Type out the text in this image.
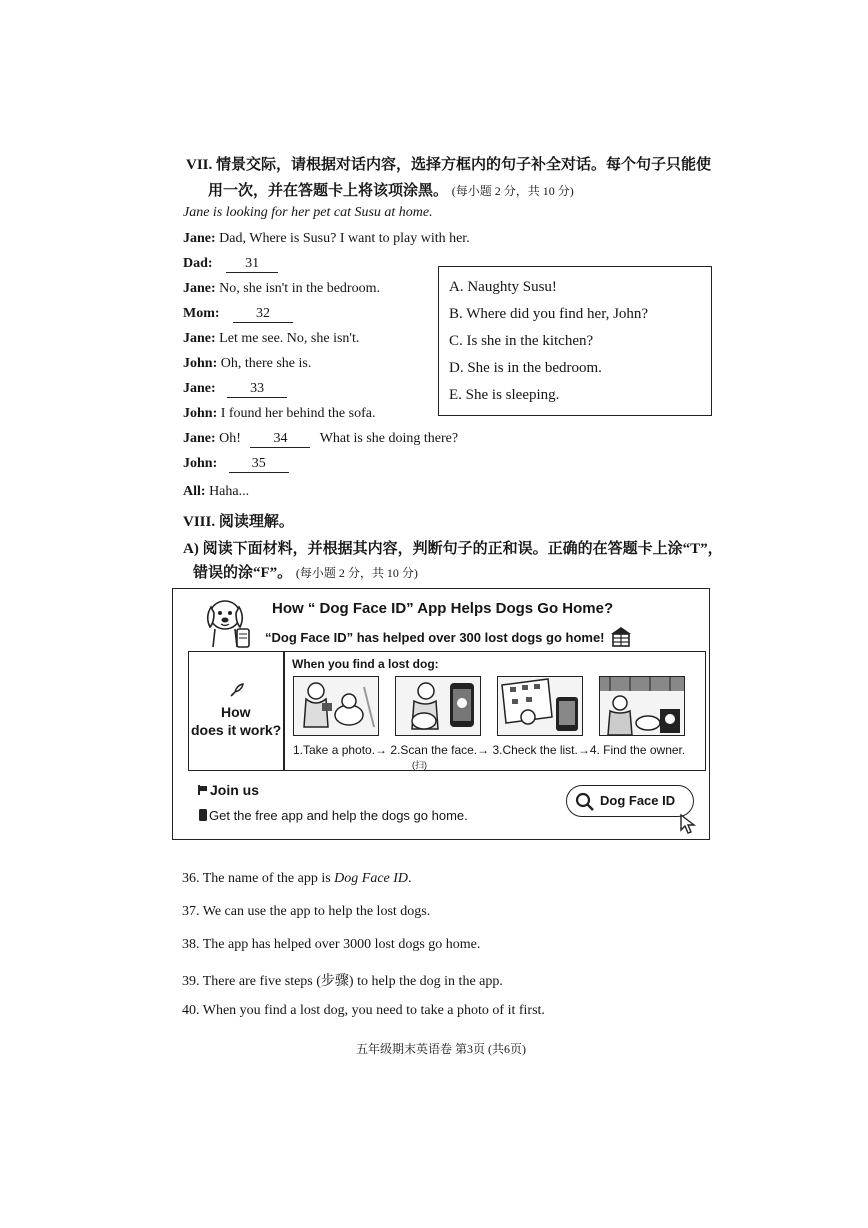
VII. 情景交际，请根据对话内容，选择方框内的句子补全对话。每个句子只能使
用一次，并在答题卡上将该项涂黑。 (每小题 2 分，共 10 分)
Jane is looking for her pet cat Susu at home.
Jane: Dad, Where is Susu? I want to play with her.
Dad: 31
Jane: No, she isn't in the bedroom.
Mom:	32
Jane: Let me see. No, she isn't.
John: Oh, there she is.
Jane: 33
John: I found her behind the sofa.
Jane: Oh! 34 What is she doing there?
John: 35
All: Haha...
A. Naughty Susu!
B. Where did you find her, John?
C. Is she in the kitchen?
D. She is in the bedroom.
E. She is sleeping.
VIII. 阅读理解。
A) 阅读下面材料，并根据其内容，判断句子的正和误。正确的在答题卡上涂“T”，
错误的涂“F”。 (每小题 2 分，共 10 分)
How “ Dog Face ID” App Helps Dogs Go Home?
“Dog Face ID” has helped over 300 lost dogs go home!
How
does it work?
When you find a lost dog:
1.Take a photo.→ 2.Scan the face.→ 3.Check the list.→4. Find the owner.
(扫)
Join us
Get the free app and help the dogs go home.
Dog Face ID
36. The name of the app is Dog Face ID.
37. We can use the app to help the lost dogs.
38. The app has helped over 3000 lost dogs go home.
39. There are five steps (步骤) to help the dog in the app.
40. When you find a lost dog, you need to take a photo of it first.
五年级期末英语卷 第3页 (共6页)
